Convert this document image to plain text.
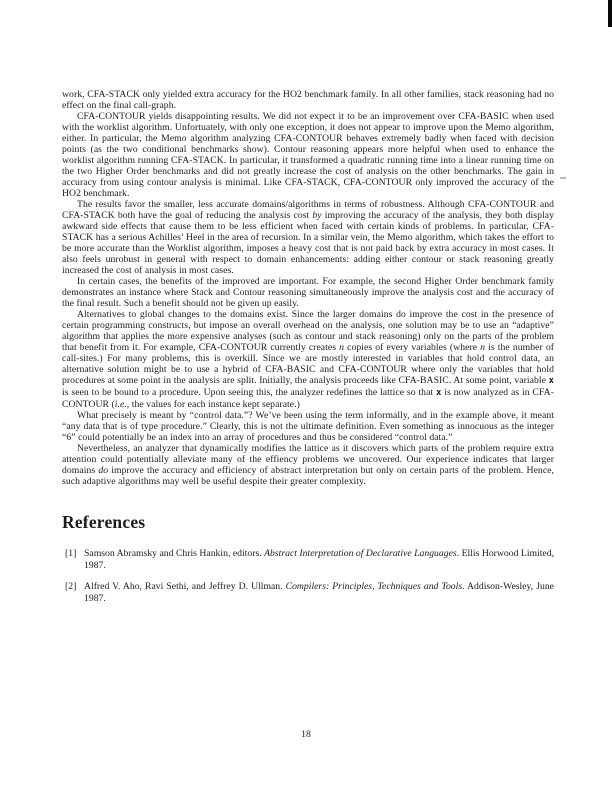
work, CFA-STACK only yielded extra accuracy for the HO2 benchmark family. In all other families, stack reasoning had no effect on the final call-graph.

CFA-CONTOUR yields disappointing results. We did not expect it to be an improvement over CFA-BASIC when used with the worklist algorithm. Unfortuately, with only one exception, it does not appear to improve upon the Memo algorithm, either. In particular, the Memo algorithm analyzing CFA-CONTOUR behaves extremely badly when faced with decision points (as the two conditional benchmarks show). Contour reasoning appears more helpful when used to enhance the worklist algorithm running CFA-STACK. In particular, it transformed a quadratic running time into a linear running time on the two Higher Order benchmarks and did not greatly increase the cost of analysis on the other benchmarks. The gain in accuracy from using contour analysis is minimal. Like CFA-STACK, CFA-CONTOUR only improved the accuracy of the HO2 benchmark.

The results favor the smaller, less accurate domains/algorithms in terms of robustness. Although CFA-CONTOUR and CFA-STACK both have the goal of reducing the analysis cost by improving the accuracy of the analysis, they both display awkward side effects that cause them to be less efficient when faced with certain kinds of problems. In particular, CFA-STACK has a serious Achilles’ Heel in the area of recursion. In a similar vein, the Memo algorithm, which takes the effort to be more accurate than the Worklist algorithm, imposes a heavy cost that is not paid back by extra accuracy in most cases. It also feels unrobust in general with respect to domain enhancements: adding either contour or stack reasoning greatly increased the cost of analysis in most cases.

In certain cases, the benefits of the improved are important. For example, the second Higher Order benchmark family demonstrates an instance where Stack and Contour reasoning simultaneously improve the analysis cost and the accuracy of the final result. Such a benefit should not be given up easily.

Alternatives to global changes to the domains exist. Since the larger domains do improve the cost in the presence of certain programming constructs, but impose an overall overhead on the analysis, one solution may be to use an “adaptive” algorithm that applies the more expensive analyses (such as contour and stack reasoning) only on the parts of the problem that benefit from it. For example, CFA-CONTOUR currently creates n copies of every variables (where n is the number of call-sites.) For many problems, this is overkill. Since we are mostly interested in variables that hold control data, an alternative solution might be to use a hybrid of CFA-BASIC and CFA-CONTOUR where only the variables that hold procedures at some point in the analysis are split. Initially, the analysis proceeds like CFA-BASIC. At some point, variable x is seen to be bound to a procedure. Upon seeing this, the analyzer redefines the lattice so that x is now analyzed as in CFA-CONTOUR (i.e., the values for each instance kept separate.)

What precisely is meant by “control data.”? We’ve been using the term informally, and in the example above, it meant “any data that is of type procedure.” Clearly, this is not the ultimate definition. Even something as innocuous as the integer “6” could potentially be an index into an array of procedures and thus be considered “control data.”

Nevertheless, an analyzer that dynamically modifies the lattice as it discovers which parts of the problem require extra attention could potentially alleviate many of the effiency problems we uncovered. Our experience indicates that larger domains do improve the accuracy and efficiency of abstract interpretation but only on certain parts of the problem. Hence, such adaptive algorithms may well be useful despite their greater complexity.

References
[1] Samson Abramsky and Chris Hankin, editors. Abstract Interpretation of Declarative Languages. Ellis Horwood Limited, 1987.
[2] Alfred V. Aho, Ravi Sethi, and Jeffrey D. Ullman. Compilers: Principles, Techniques and Tools. Addison-Wesley, June 1987.
18
